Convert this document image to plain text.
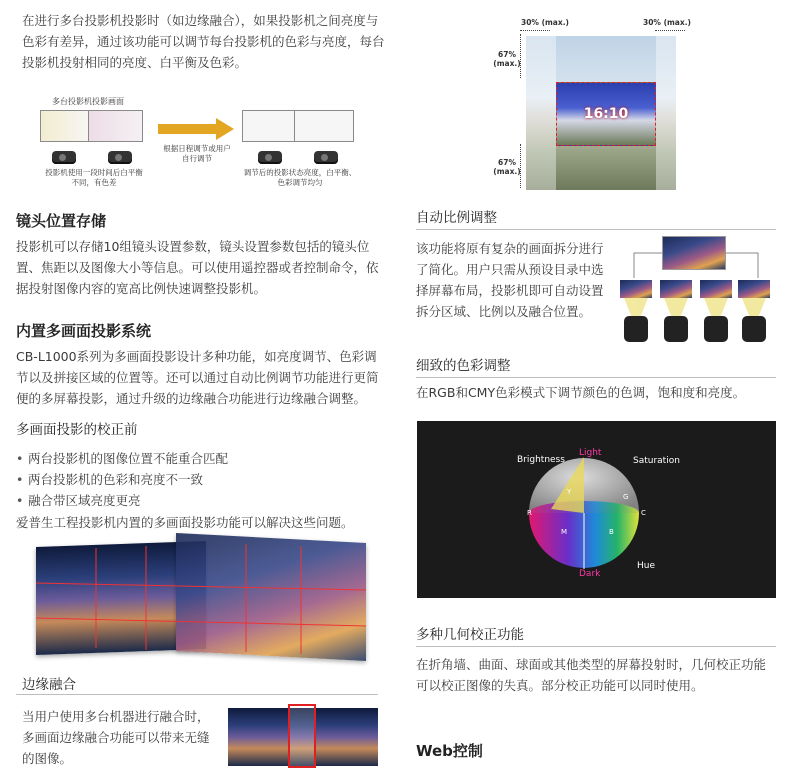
在进行多台投影机投影时（如边缘融合），如果投影机之间亮度与色彩有差异，通过该功能可以调节每台投影机的色彩与亮度，每台投影机投射相同的亮度、白平衡及色彩。
多台投影机投影画面
投影机使用一段时间后白平衡不同，有色差
根据日程调节或用户自行调节
调节后的投影状态亮度，白平衡、色彩调节均匀
镜头位置存储
投影机可以存储10组镜头设置参数，镜头设置参数包括的镜头位置、焦距以及图像大小等信息。可以使用遥控器或者控制命令，依据投射图像内容的宽高比例快速调整投影机。
内置多画面投影系统
CB-L1000系列为多画面投影设计多种功能，如亮度调节、色彩调节以及拼接区域的位置等。还可以通过自动比例调节功能进行更简便的多屏幕投影，通过升级的边缘融合功能进行边缘融合调整。
多画面投影的校正前
• 两台投影机的图像位置不能重合匹配
• 两台投影机的色彩和亮度不一致
• 融合带区域亮度更亮
爱普生工程投影机内置的多画面投影功能可以解决这些问题。
边缘融合
当用户使用多台机器进行融合时，多画面边缘融合功能可以带来无缝的图像。
30% (max.)	30% (max.)
67% (max.)
67% (max.)
16:10
自动比例调整
该功能将原有复杂的画面拆分进行了简化。用户只需从预设目录中选择屏幕布局，投影机即可自动设置拆分区域、比例以及融合位置。
细致的色彩调整
在RGB和CMY色彩模式下调节颜色的色调，饱和度和亮度。
Brightness
Light
Saturation
Hue
Dark
Y
G
R	C
M	B
多种几何校正功能
在折角墙、曲面、球面或其他类型的屏幕投射时，几何校正功能可以校正图像的失真。部分校正功能可以同时使用。
Web控制
